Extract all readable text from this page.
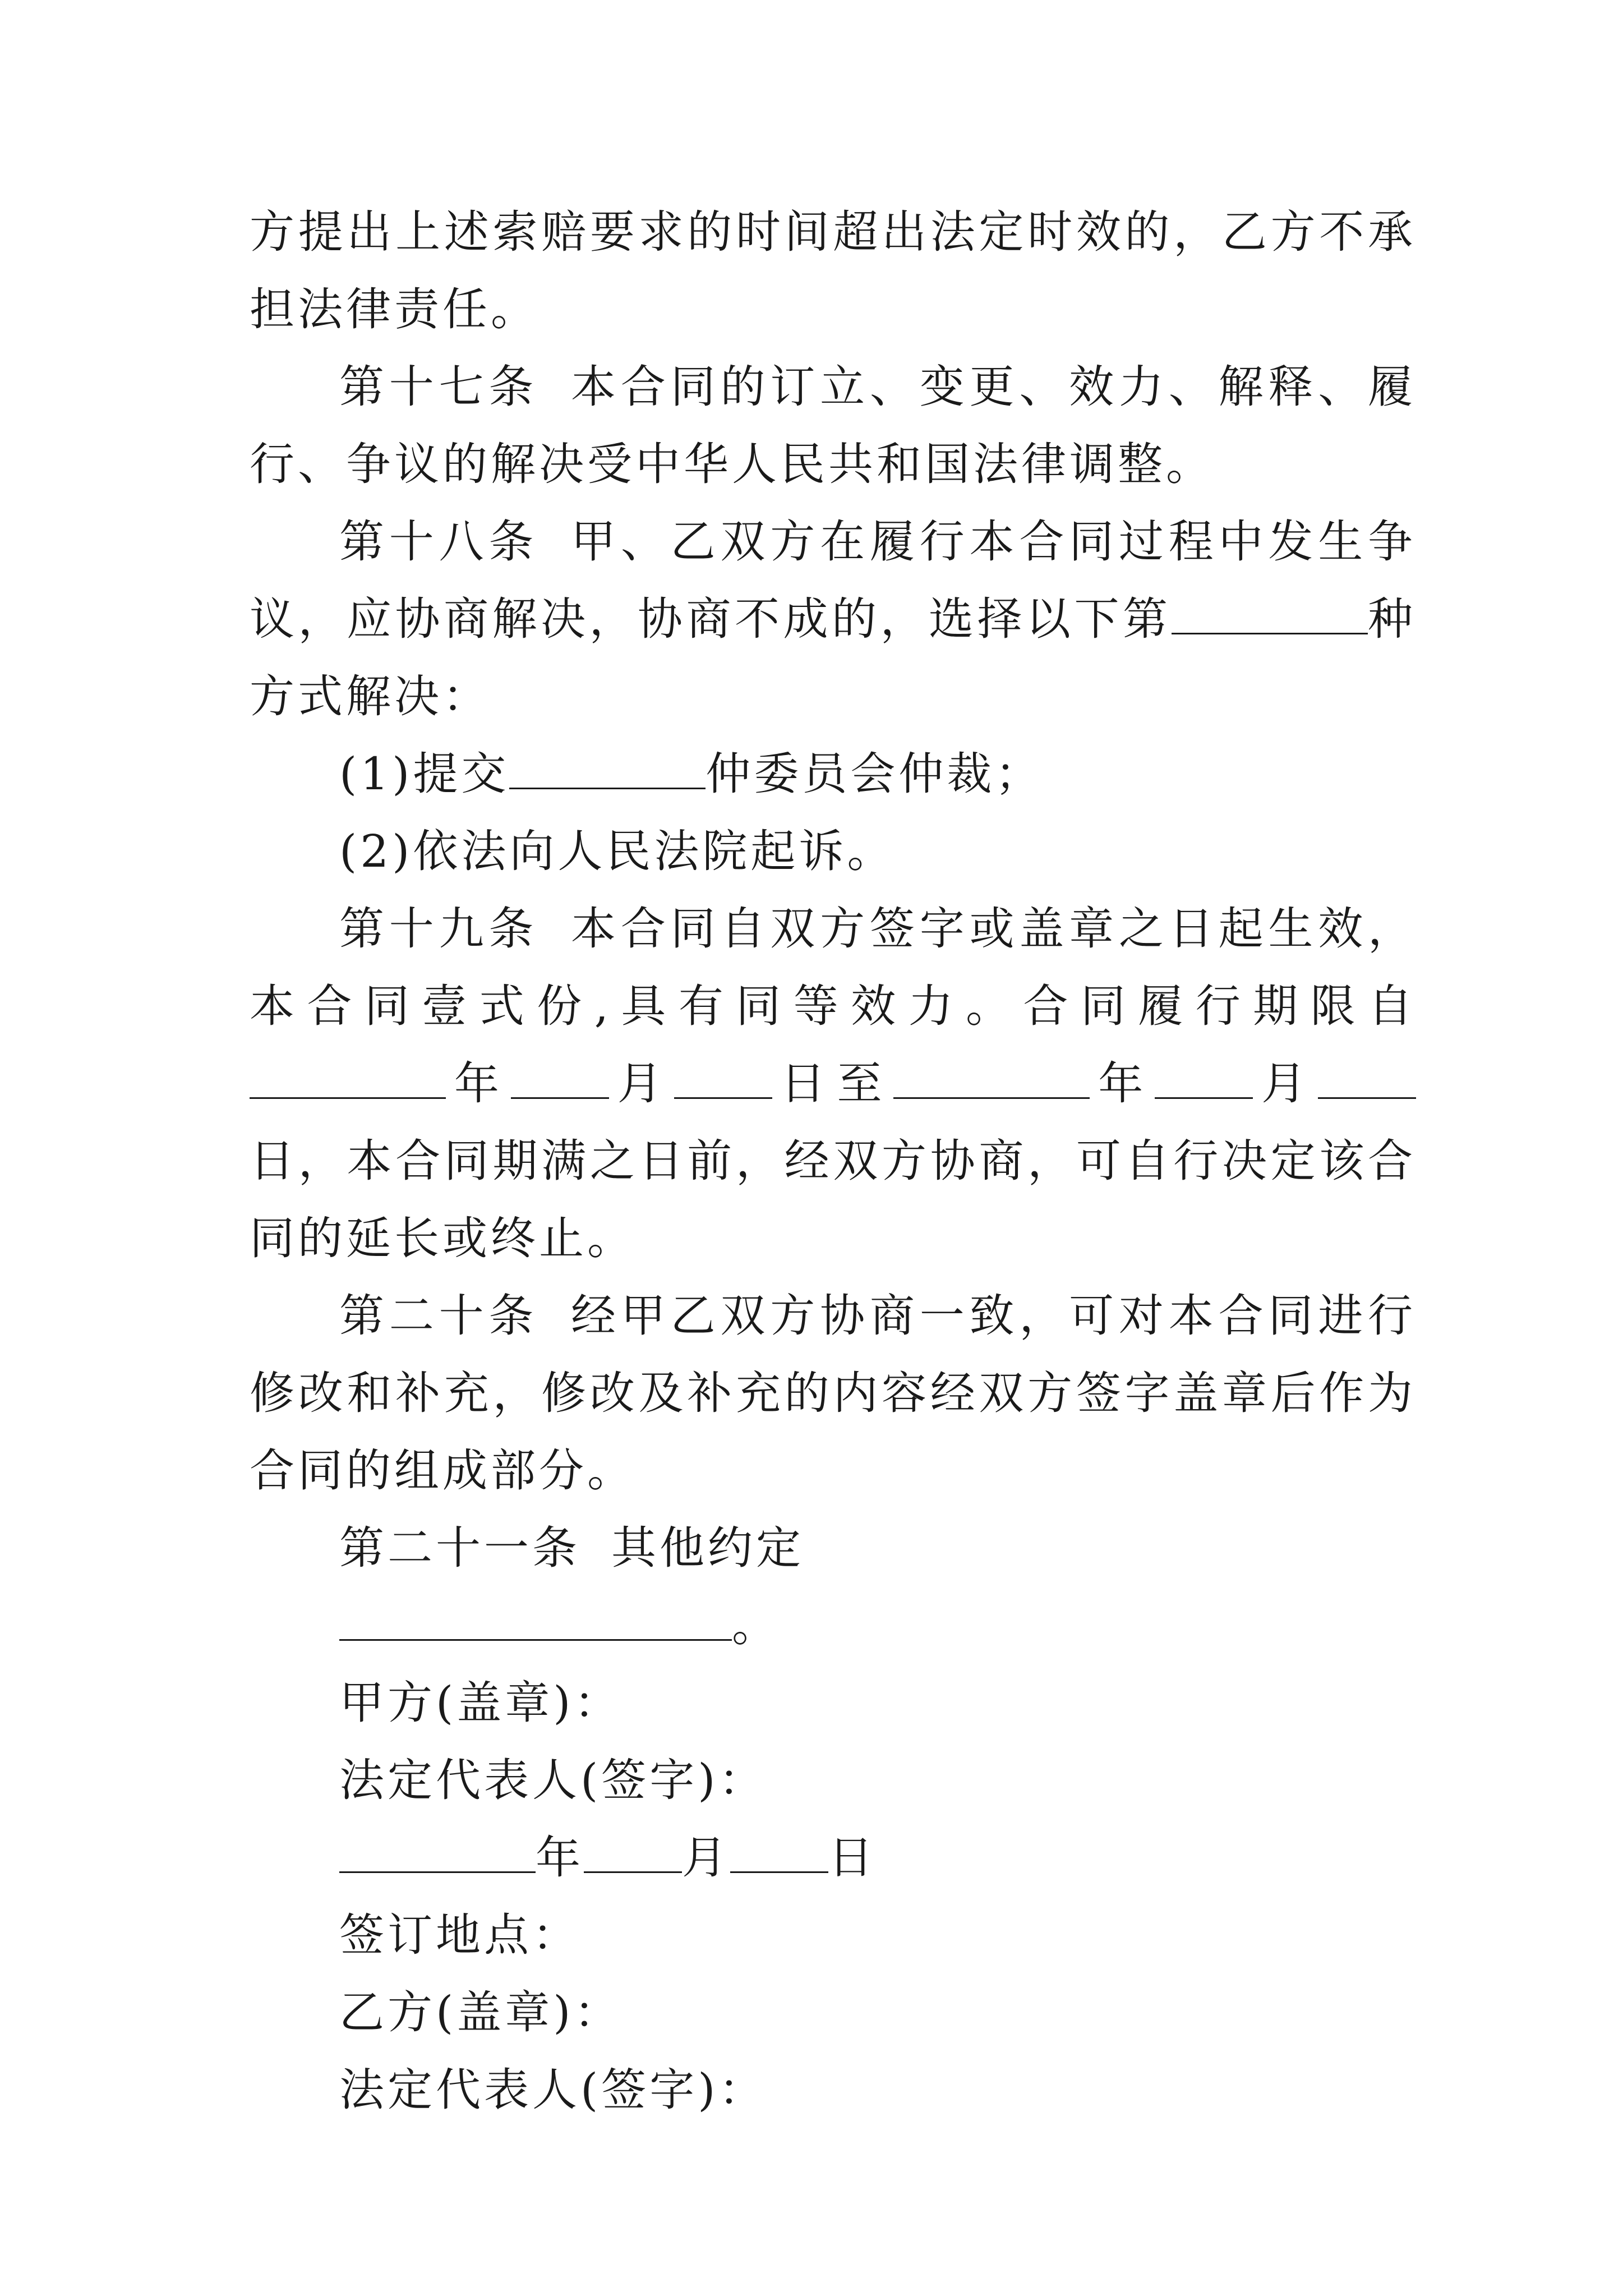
方提出上述索赔要求的时间超出法定时效的，乙方不承担法律责任。

第十七条 本合同的订立、变更、效力、解释、履行、争议的解决受中华人民共和国法律调整。

第十八条 甲、乙双方在履行本合同过程中发生争议，应协商解决，协商不成的，选择以下第	种方式解决：

(1)提交	仲委员会仲裁；

(2)依法向人民法院起诉。

第十九条 本合同自双方签字或盖章之日起生效，本合同壹式份,具有同等效力。合同履行期限自年 月 日至	年 月日，本合同期满之日前，经双方协商，可自行决定该合同的延长或终止。

第二十条 经甲乙双方协商一致，可对本合同进行修改和补充，修改及补充的内容经双方签字盖章后作为合同的组成部分。

第二十一条 其他约定

。

甲方(盖章)：

法定代表人(签字)：

年 月 日

签订地点：

乙方(盖章)：

法定代表人(签字)：
